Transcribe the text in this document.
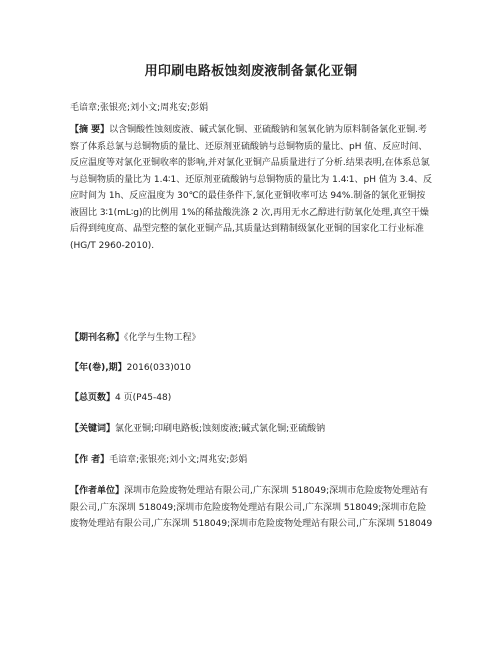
用印刷电路板蚀刻废液制备氯化亚铜
毛谙章;张银亮;刘小文;周兆安;彭娟
【摘 要】以含铜酸性蚀刻废液、碱式氯化铜、亚硫酸钠和氢氧化钠为原料制备氯化亚铜.考察了体系总氯与总铜物质的量比、还原剂亚硫酸钠与总铜物质的量比、pH 值、反应时间、反应温度等对氯化亚铜收率的影响,并对氯化亚铜产品质量进行了分析.结果表明,在体系总氯与总铜物质的量比为 1.4∶1、还原剂亚硫酸钠与总铜物质的量比为 1.4∶1、pH 值为 3.4、反应时间为 1h、反应温度为 30℃的最佳条件下,氯化亚铜收率可达 94%.制备的氯化亚铜按液固比 3∶1(mL∶g)的比例用 1%的稀盐酸洗涤 2 次,再用无水乙醇进行防氧化处理,真空干燥后得到纯度高、晶型完整的氯化亚铜产品,其质量达到精制级氯化亚铜的国家化工行业标准(HG/T 2960-2010).
【期刊名称】《化学与生物工程》
【年(卷),期】2016(033)010
【总页数】4 页(P45-48)
【关键词】氯化亚铜;印刷电路板;蚀刻废液;碱式氯化铜;亚硫酸钠
【作 者】毛谙章;张银亮;刘小文;周兆安;彭娟
【作者单位】深圳市危险废物处理站有限公司,广东深圳 518049;深圳市危险废物处理站有限公司,广东深圳 518049;深圳市危险废物处理站有限公司,广东深圳 518049;深圳市危险废物处理站有限公司,广东深圳 518049;深圳市危险废物处理站有限公司,广东深圳 518049
